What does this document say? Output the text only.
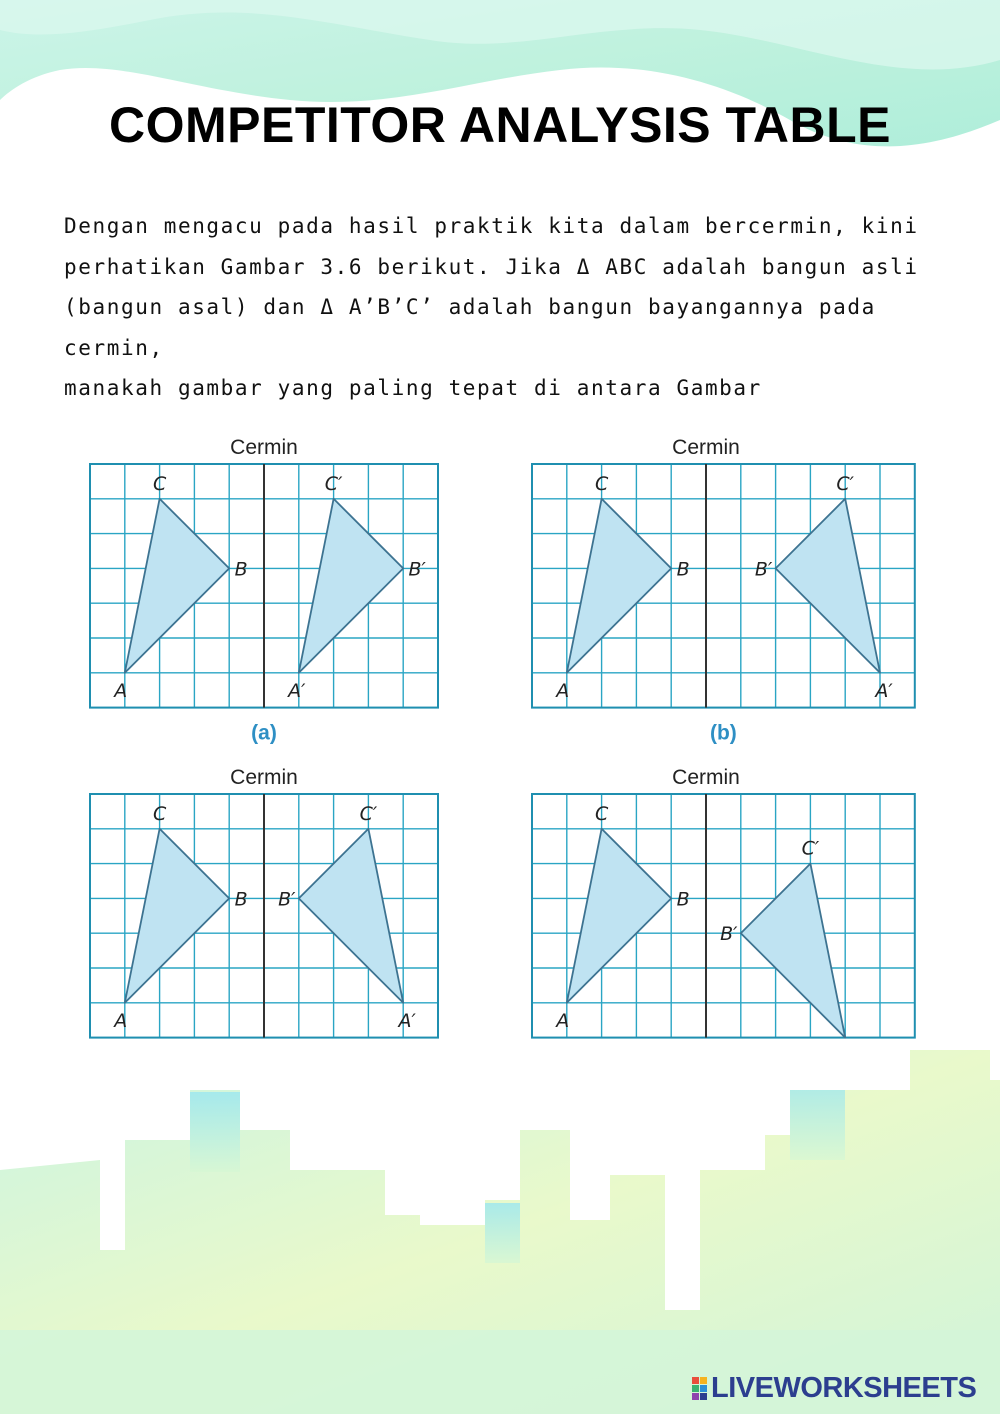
COMPETITOR ANALYSIS TABLE
Dengan mengacu pada hasil praktik kita dalam bercermin, kini
perhatikan Gambar 3.6 berikut. Jika Δ ABC adalah bangun asli
(bangun asal) dan Δ A’B’C’ adalah bangun bayangannya pada
cermin,
manakah gambar yang paling tepat di antara Gambar
Cermin
A
B
C
A′
B′
C′
(a)
Cermin
A
B
C
A′
B′
C′
(b)
Cermin
A
B
C
A′
B′
C′
Cermin
A
B
C
B′
C′
LIVEWORKSHEETS
